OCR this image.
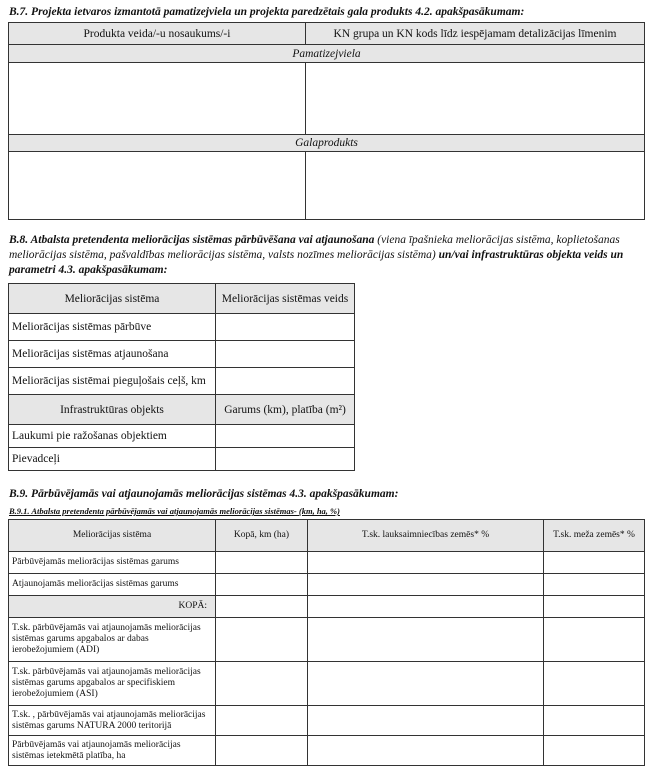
B.7. Projekta ietvaros izmantotā pamatizejviela un projekta paredzētais gala produkts 4.2. apakšpasākumam:
Produkta veida/-u nosaukums/-i	KN grupa un KN kods līdz iespējamam detalizācijas līmenim
Pamatizejviela	

Galaprodukts	

B.8. Atbalsta pretendenta meliorācijas sistēmas pārbūvēšana vai atjaunošana (viena īpašnieka meliorācijas sistēma, koplietošanas meliorācijas sistēma, pašvaldības meliorācijas sistēma, valsts nozīmes meliorācijas sistēma) un/vai infrastruktūras objekta veids un parametri 4.3. apakšpasākumam:
Meliorācijas sistēma	Meliorācijas sistēmas veids
Meliorācijas sistēmas pārbūve	
Meliorācijas sistēmas atjaunošana	
Meliorācijas sistēmai pieguļošais ceļš, km	
Infrastruktūras objekts	Garums (km), platība (m²)
Laukumi pie ražošanas objektiem	
Pievadceļi	
B.9. Pārbūvējamās vai atjaunojamās meliorācijas sistēmas 4.3. apakšpasākumam:
B.9.1. Atbalsta pretendenta pārbūvējamās vai atjaunojamās meliorācijas sistēmas- (km, ha, %)
Meliorācijas sistēma	Kopā, km (ha)	T.sk. lauksaimniecības zemēs* %	T.sk. meža zemēs* %
Pārbūvējamās meliorācijas sistēmas garums			
Atjaunojamās meliorācijas sistēmas garums			
KOPĀ:			
T.sk. pārbūvējamās vai atjaunojamās meliorācijas sistēmas garums apgabalos ar dabas ierobežojumiem (ADI)			
T.sk. pārbūvējamās vai atjaunojamās meliorācijas sistēmas garums apgabalos ar specifiskiem ierobežojumiem (ASI)			
T.sk. , pārbūvējamās vai atjaunojamās meliorācijas sistēmas garums NATURA 2000 teritorijā			
Pārbūvējamās vai atjaunojamās meliorācijas sistēmas ietekmētā platība, ha			
